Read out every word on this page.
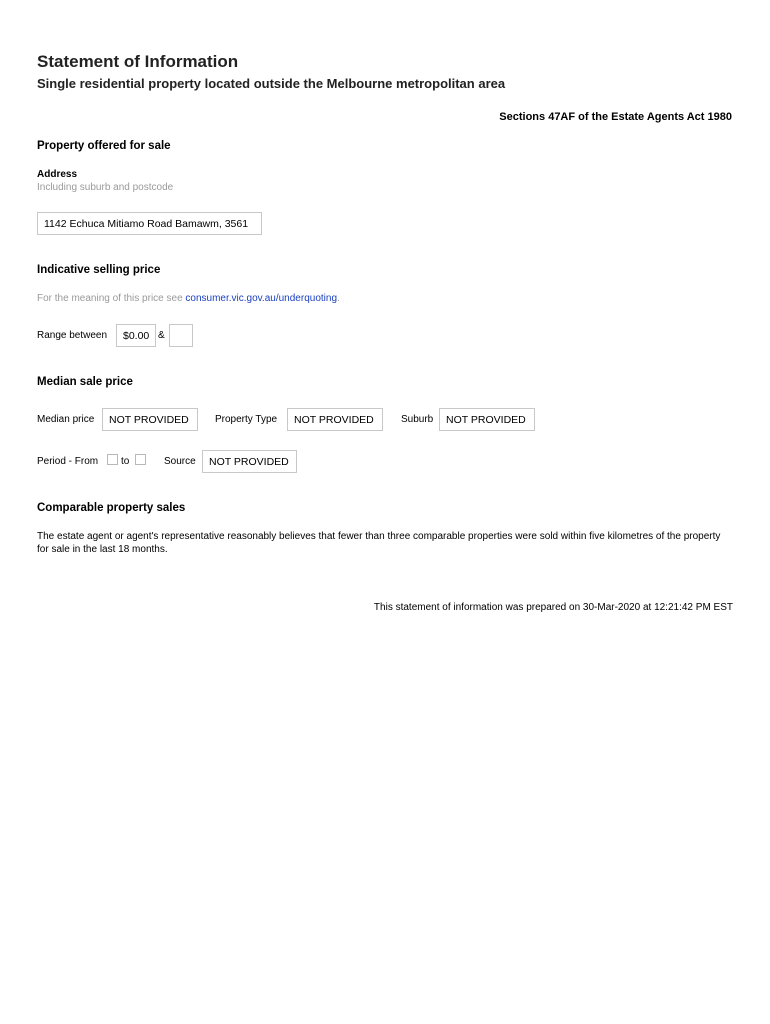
Statement of Information
Single residential property located outside the Melbourne metropolitan area
Sections 47AF of the Estate Agents Act 1980
Property offered for sale
Address
Including suburb and postcode
1142 Echuca Mitiamo Road Bamawm, 3561
Indicative selling price
For the meaning of this price see consumer.vic.gov.au/underquoting.
Range between $0.00 &
Median sale price
Median price NOT PROVIDED	Property Type NOT PROVIDED	Suburb NOT PROVIDED
Period - From to	Source NOT PROVIDED
Comparable property sales
The estate agent or agent's representative reasonably believes that fewer than three comparable properties were sold within five kilometres of the property for sale in the last 18 months.
This statement of information was prepared on 30-Mar-2020 at 12:21:42 PM EST
